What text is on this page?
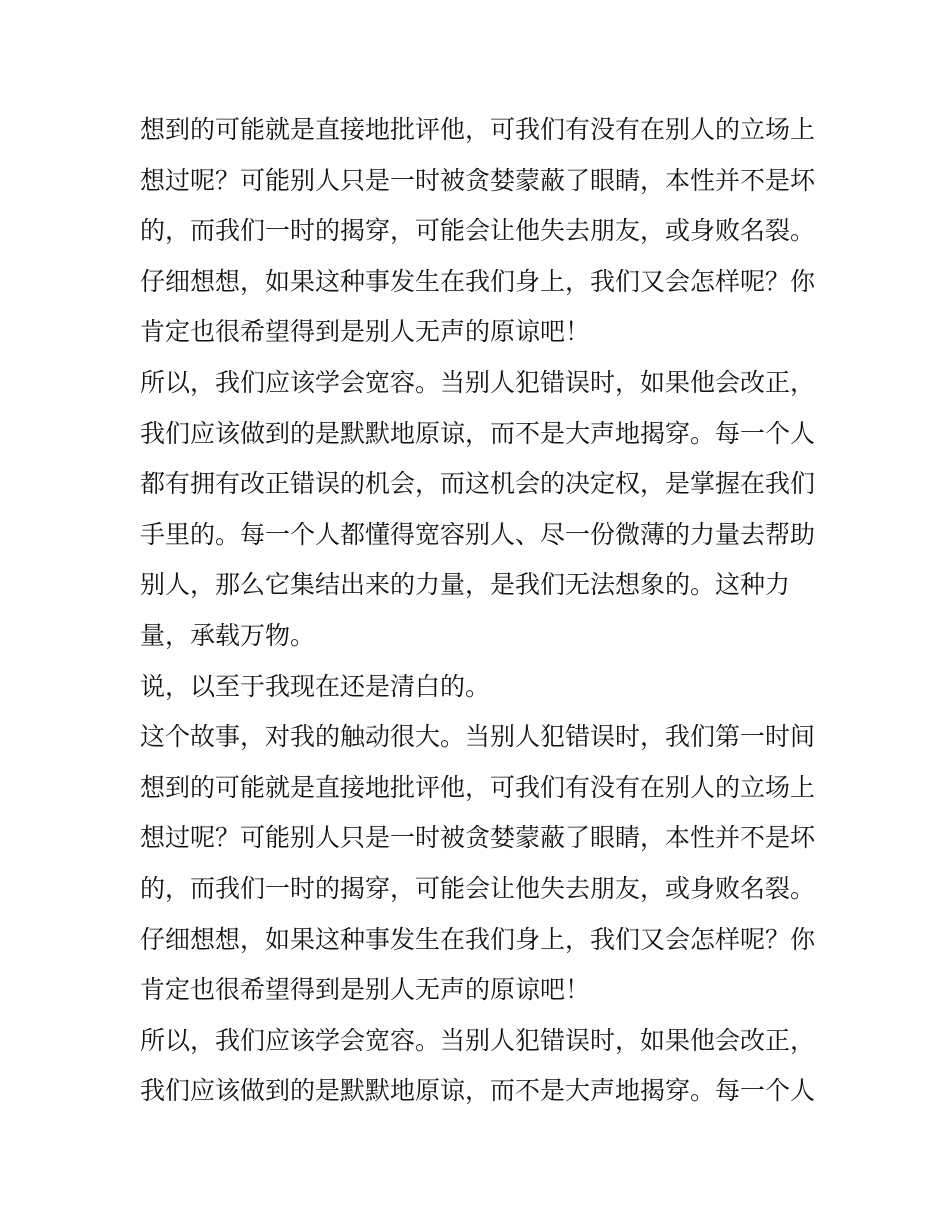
想到的可能就是直接地批评他，可我们有没有在别人的立场上
想过呢？可能别人只是一时被贪婪蒙蔽了眼睛，本性并不是坏
的，而我们一时的揭穿，可能会让他失去朋友，或身败名裂。
仔细想想，如果这种事发生在我们身上，我们又会怎样呢？你
肯定也很希望得到是别人无声的原谅吧！
所以，我们应该学会宽容。当别人犯错误时，如果他会改正，
我们应该做到的是默默地原谅，而不是大声地揭穿。每一个人
都有拥有改正错误的机会，而这机会的决定权，是掌握在我们
手里的。每一个人都懂得宽容别人、尽一份微薄的力量去帮助
别人，那么它集结出来的力量，是我们无法想象的。这种力
量，承载万物。
说，以至于我现在还是清白的。
这个故事，对我的触动很大。当别人犯错误时，我们第一时间
想到的可能就是直接地批评他，可我们有没有在别人的立场上
想过呢？可能别人只是一时被贪婪蒙蔽了眼睛，本性并不是坏
的，而我们一时的揭穿，可能会让他失去朋友，或身败名裂。
仔细想想，如果这种事发生在我们身上，我们又会怎样呢？你
肯定也很希望得到是别人无声的原谅吧！
所以，我们应该学会宽容。当别人犯错误时，如果他会改正，
我们应该做到的是默默地原谅，而不是大声地揭穿。每一个人
